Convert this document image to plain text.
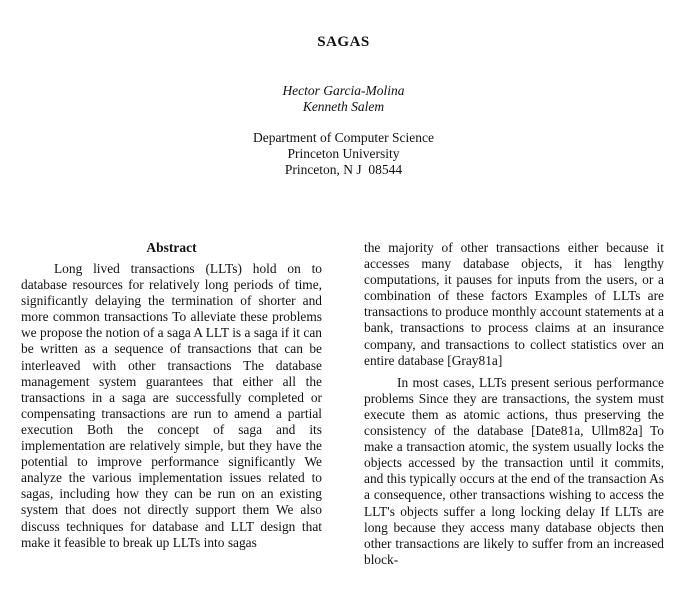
SAGAS
Hector Garcia-Molina
Kenneth Salem
Department of Computer Science
Princeton University
Princeton, N J  08544
Abstract

Long lived transactions (LLTs) hold on to database resources for relatively long periods of time, significantly delaying the termination of shorter and more common transactions To alleviate these problems we propose the notion of a saga A LLT is a saga if it can be written as a sequence of transactions that can be interleaved with other transactions The database management system guarantees that either all the transactions in a saga are successfully completed or compensating transactions are run to amend a partial execution Both the concept of saga and its implementation are relatively simple, but they have the potential to improve performance significantly We analyze the various implementation issues related to sagas, including how they can be run on an existing system that does not directly support them We also discuss techniques for database and LLT design that make it feasible to break up LLTs into sagas

the majority of other transactions either because it accesses many database objects, it has lengthy computations, it pauses for inputs from the users, or a combination of these factors Examples of LLTs are transactions to produce monthly account statements at a bank, transactions to process claims at an insurance company, and transactions to collect statistics over an entire database [Gray81a]

In most cases, LLTs present serious performance problems Since they are transactions, the system must execute them as atomic actions, thus preserving the consistency of the database [Date81a, Ullm82a] To make a transaction atomic, the system usually locks the objects accessed by the transaction until it commits, and this typically occurs at the end of the transaction As a consequence, other transactions wishing to access the LLT's objects suffer a long locking delay If LLTs are long because they access many database objects then other transactions are likely to suffer from an increased block-
